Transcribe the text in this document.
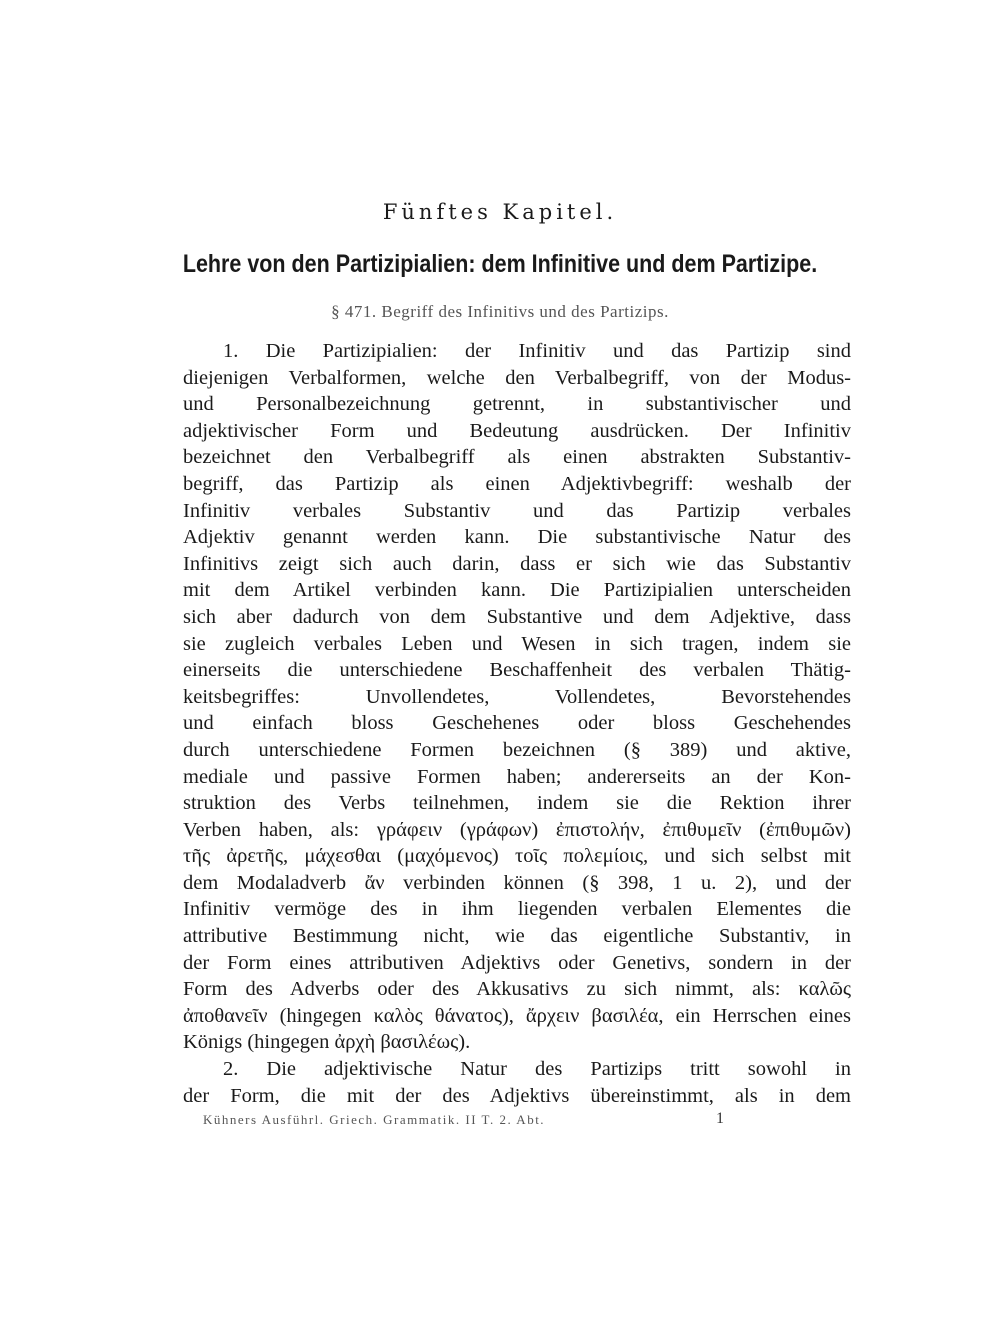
Fünftes Kapitel.
Lehre von den Partizipialien: dem Infinitive und dem Partizipe.
§ 471. Begriff des Infinitivs und des Partizips.
1. Die Partizipialien: der Infinitiv und das Partizip sind
diejenigen Verbalformen, welche den Verbalbegriff, von der Modus-
und Personalbezeichnung getrennt, in substantivischer und
adjektivischer Form und Bedeutung ausdrücken. Der Infinitiv
bezeichnet den Verbalbegriff als einen abstrakten Substantiv-
begriff, das Partizip als einen Adjektivbegriff: weshalb der
Infinitiv verbales Substantiv und das Partizip verbales
Adjektiv genannt werden kann. Die substantivische Natur des
Infinitivs zeigt sich auch darin, dass er sich wie das Substantiv
mit dem Artikel verbinden kann. Die Partizipialien unterscheiden
sich aber dadurch von dem Substantive und dem Adjektive, dass
sie zugleich verbales Leben und Wesen in sich tragen, indem sie
einerseits die unterschiedene Beschaffenheit des verbalen Thätig-
keitsbegriffes: Unvollendetes, Vollendetes, Bevorstehendes
und einfach bloss Geschehenes oder bloss Geschehendes
durch unterschiedene Formen bezeichnen (§ 389) und aktive,
mediale und passive Formen haben; andererseits an der Kon-
struktion des Verbs teilnehmen, indem sie die Rektion ihrer
Verben haben, als: γράφειν (γράφων) ἐπιστολήν, ἐπιθυμεῖν (ἐπιθυμῶν)
τῆς ἀρετῆς, μάχεσθαι (μαχόμενος) τοῖς πολεμίοις, und sich selbst mit
dem Modaladverb ἄν verbinden können (§ 398, 1 u. 2), und der
Infinitiv vermöge des in ihm liegenden verbalen Elementes die
attributive Bestimmung nicht, wie das eigentliche Substantiv, in
der Form eines attributiven Adjektivs oder Genetivs, sondern in der
Form des Adverbs oder des Akkusativs zu sich nimmt, als: καλῶς
ἀποθανεῖν (hingegen καλὸς θάνατος), ἄρχειν βασιλέα, ein Herrschen eines
Königs (hingegen ἀρχὴ βασιλέως).
2. Die adjektivische Natur des Partizips tritt sowohl in
der Form, die mit der des Adjektivs übereinstimmt, als in dem
Kühners Ausführl. Griech. Grammatik. II T. 2. Abt.	1
